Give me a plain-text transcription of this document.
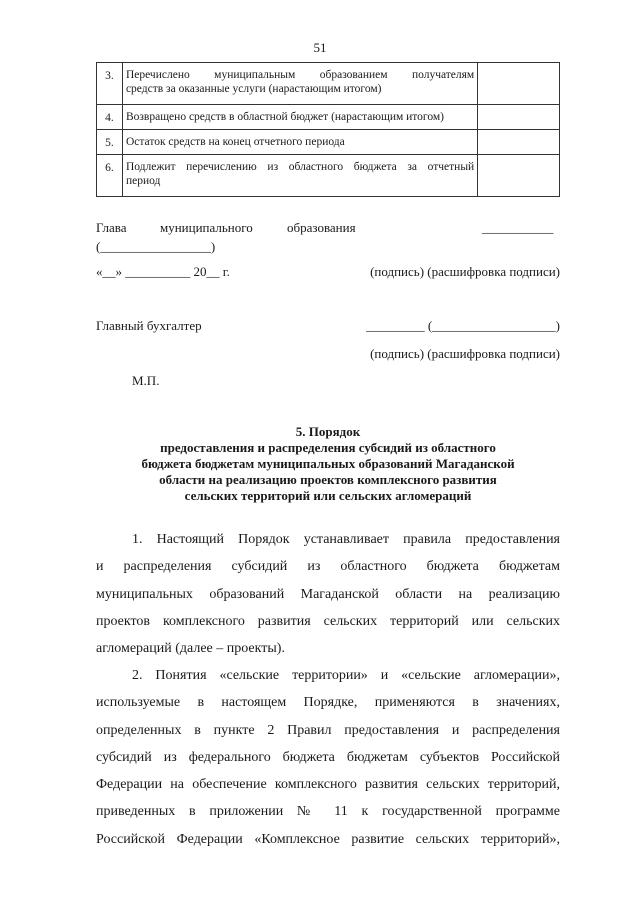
51
3.	Перечислено муниципальным образованием получателям
средств за оказанные услуги (нарастающим итогом)	

4.	Возвращено средств в областной бюджет (нарастающим итогом)	

5.	Остаток средств на конец отчетного периода	

6.	Подлежит перечислению из областного бюджета за отчетный
период	

Глава	муниципального	образования	___________
(_________________)
«__» __________ 20__ г.	(подпись) (расшифровка подписи)
Главный бухгалтер	_________ (___________________)
(подпись) (расшифровка подписи)
М.П.
5. Порядок
предоставления и распределения субсидий из областного
бюджета бюджетам муниципальных образований Магаданской
области на реализацию проектов комплексного развития
сельских территорий или сельских агломераций
1. Настоящий Порядок устанавливает правила предоставления
и распределения субсидий из областного бюджета бюджетам
муниципальных образований Магаданской области на реализацию
проектов комплексного развития сельских территорий или сельских
агломераций (далее – проекты).
2. Понятия «сельские территории» и «сельские агломерации»,
используемые в настоящем Порядке, применяются в значениях,
определенных в пункте 2 Правил предоставления и распределения
субсидий из федерального бюджета бюджетам субъектов Российской
Федерации на обеспечение комплексного развития сельских территорий,
приведенных в приложении № 11 к государственной программе
Российской Федерации «Комплексное развитие сельских территорий»,
